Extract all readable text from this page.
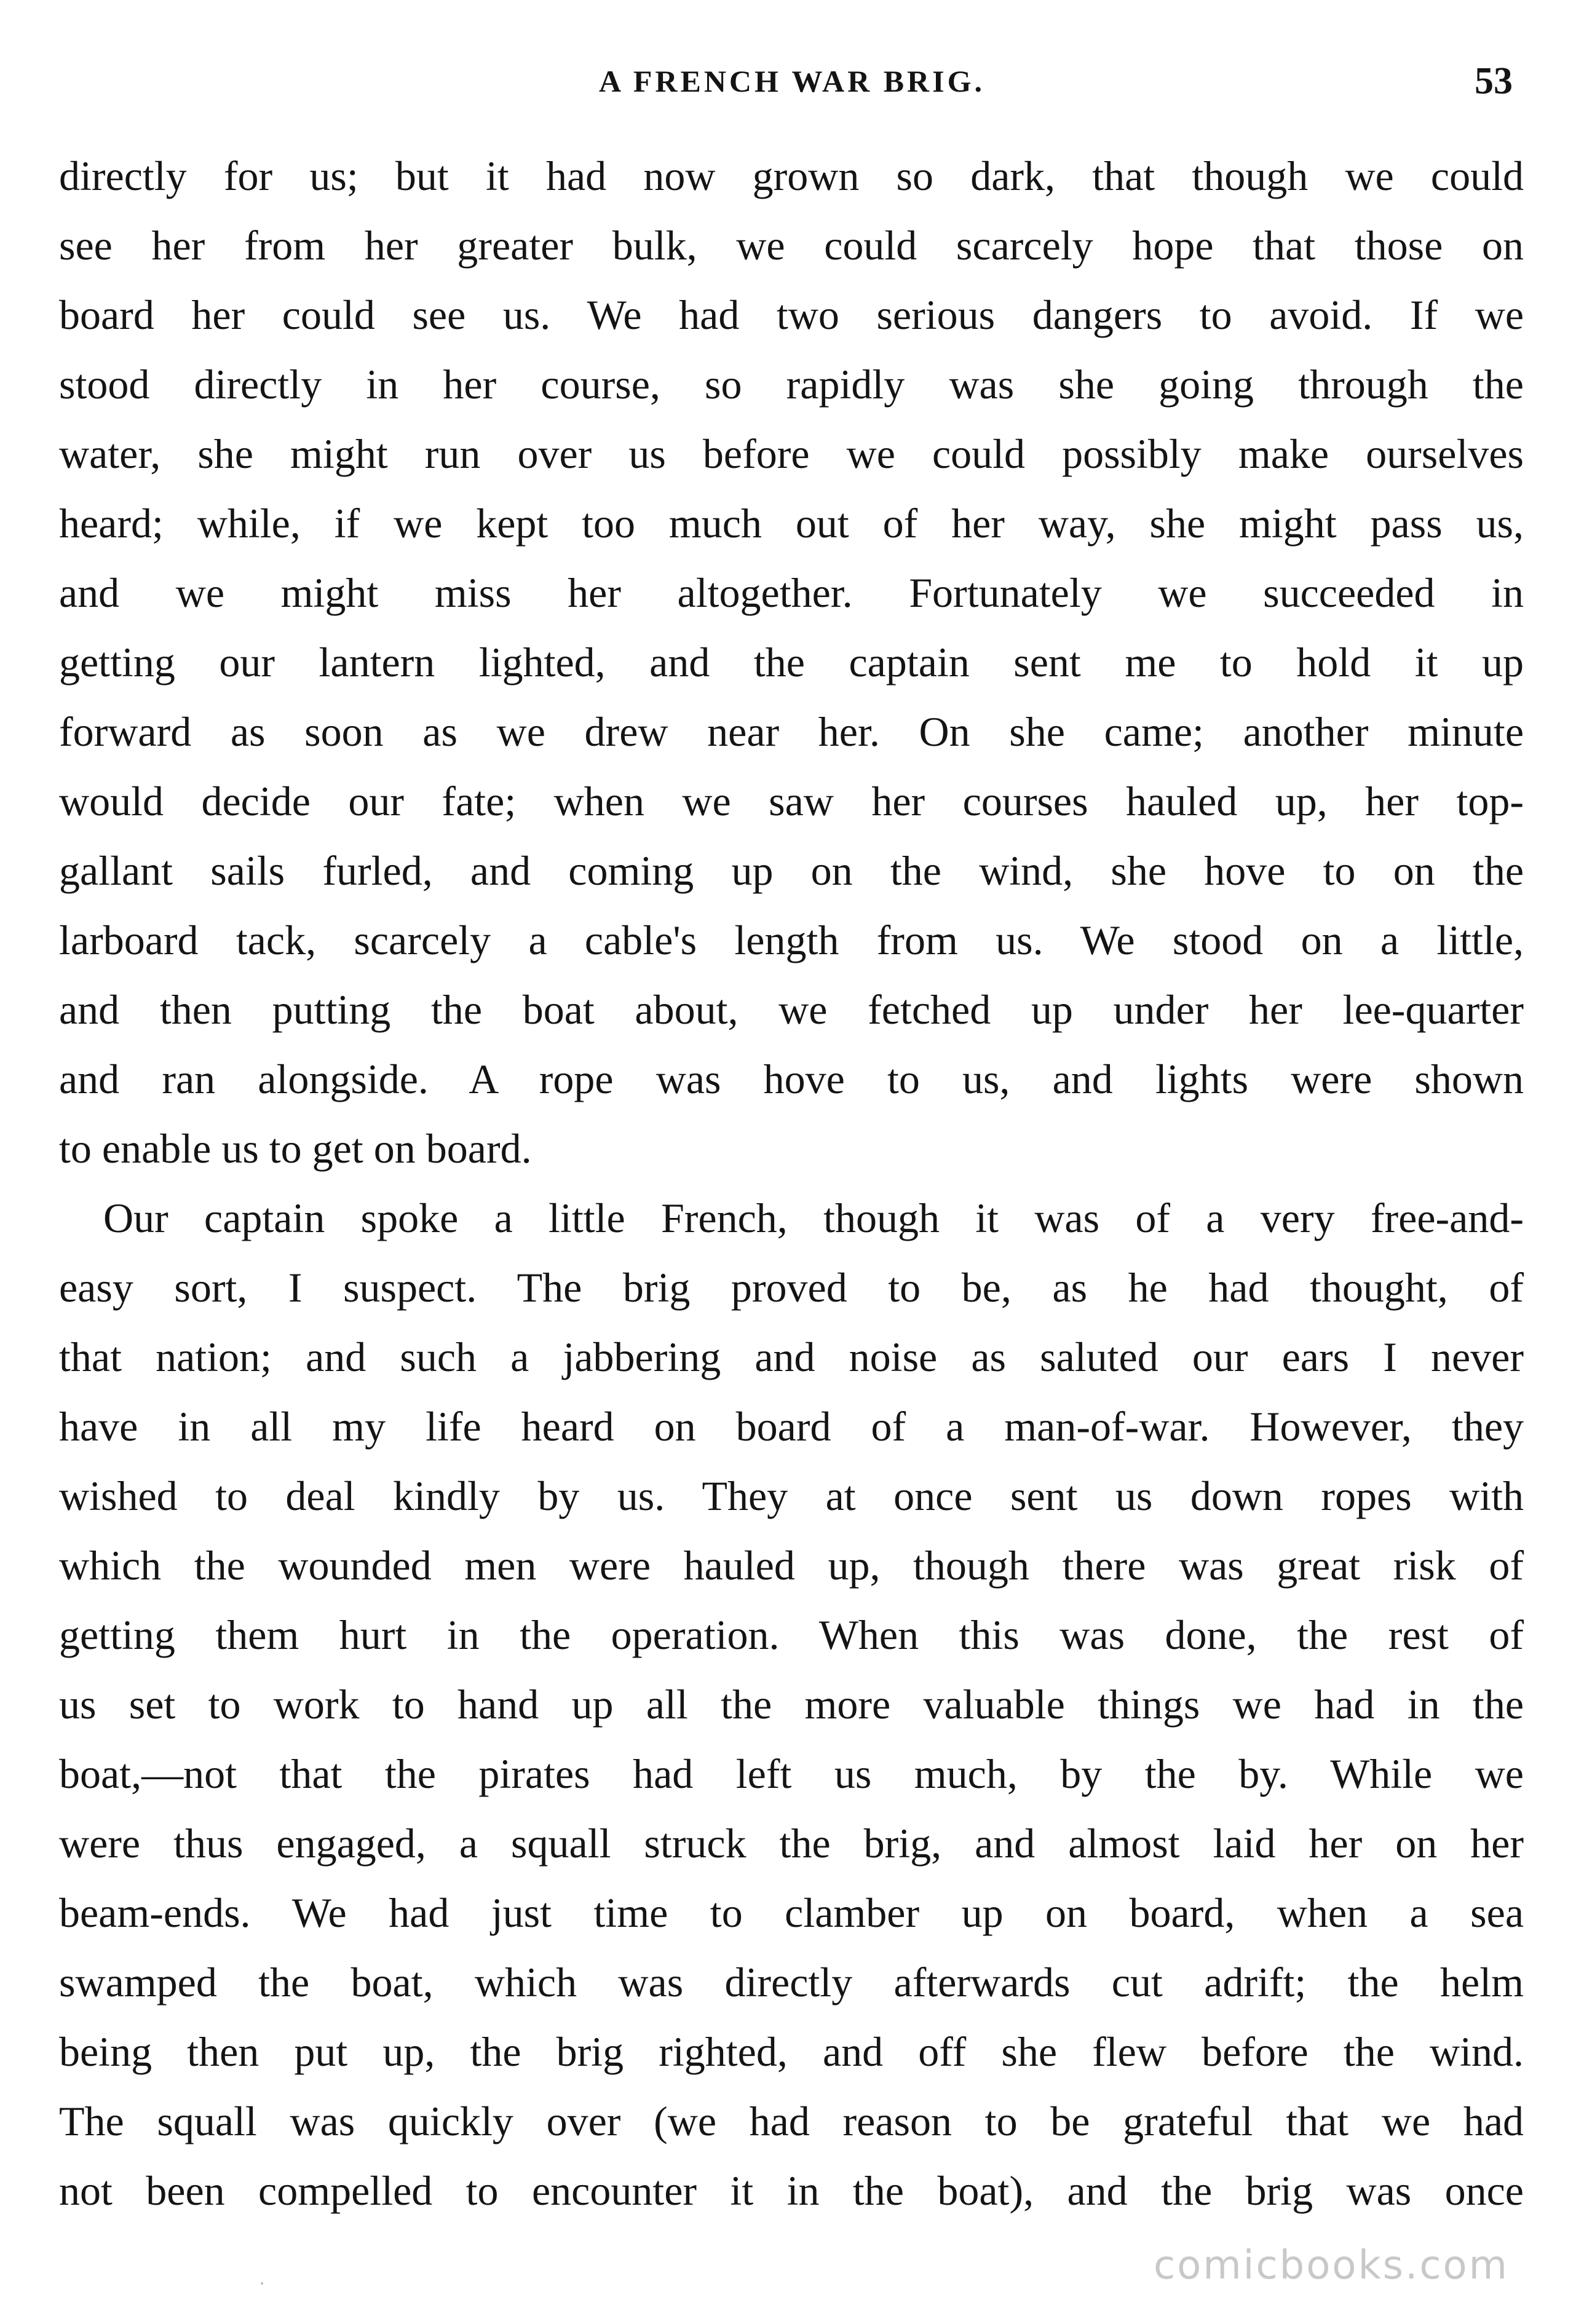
A FRENCH WAR BRIG.	53
directly for us; but it had now grown so dark, that though we could
see her from her greater bulk, we could scarcely hope that those on
board her could see us. We had two serious dangers to avoid. If we
stood directly in her course, so rapidly was she going through the
water, she might run over us before we could possibly make ourselves
heard; while, if we kept too much out of her way, she might pass us,
and we might miss her altogether. Fortunately we succeeded in
getting our lantern lighted, and the captain sent me to hold it up
forward as soon as we drew near her. On she came; another minute
would decide our fate; when we saw her courses hauled up, her top-
gallant sails furled, and coming up on the wind, she hove to on the
larboard tack, scarcely a cable's length from us. We stood on a little,
and then putting the boat about, we fetched up under her lee-quarter
and ran alongside. A rope was hove to us, and lights were shown
to enable us to get on board.
Our captain spoke a little French, though it was of a very free-and-
easy sort, I suspect. The brig proved to be, as he had thought, of
that nation; and such a jabbering and noise as saluted our ears I never
have in all my life heard on board of a man-of-war. However, they
wished to deal kindly by us. They at once sent us down ropes with
which the wounded men were hauled up, though there was great risk of
getting them hurt in the operation. When this was done, the rest of
us set to work to hand up all the more valuable things we had in the
boat,—not that the pirates had left us much, by the by. While we
were thus engaged, a squall struck the brig, and almost laid her on her
beam-ends. We had just time to clamber up on board, when a sea
swamped the boat, which was directly afterwards cut adrift; the helm
being then put up, the brig righted, and off she flew before the wind.
The squall was quickly over (we had reason to be grateful that we had
not been compelled to encounter it in the boat), and the brig was once
comicbooks.com
